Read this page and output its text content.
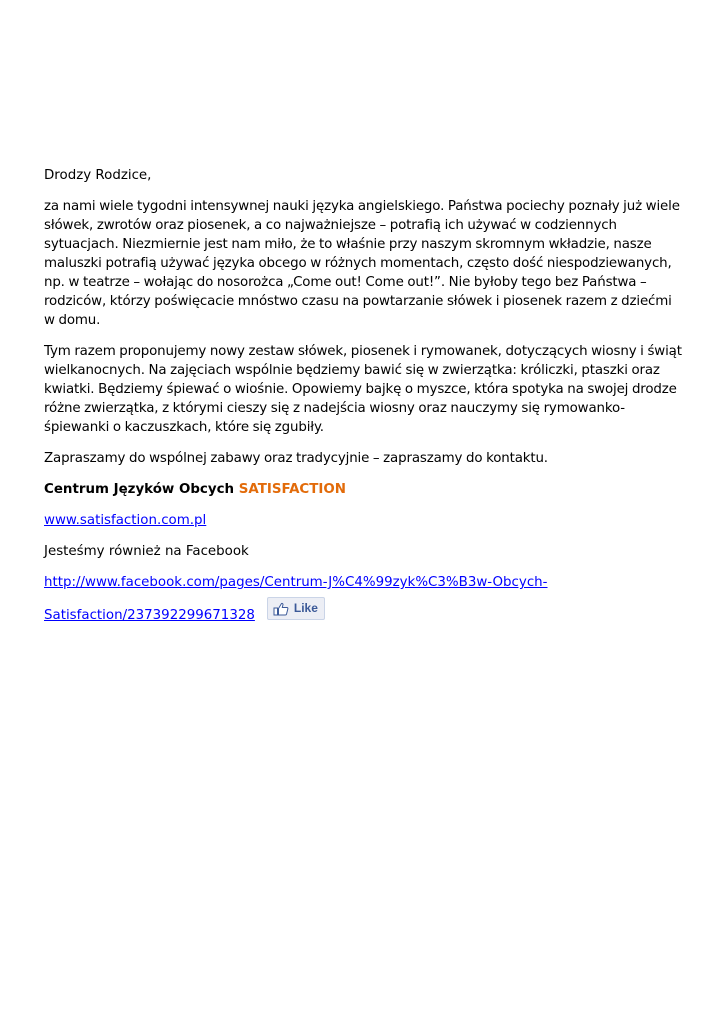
Drodzy Rodzice,

za nami wiele tygodni intensywnej nauki języka angielskiego. Państwa pociechy poznały już wiele słówek, zwrotów oraz piosenek, a co najważniejsze – potrafią ich używać w codziennych sytuacjach. Niezmiernie jest nam miło, że to właśnie przy naszym skromnym wkładzie, nasze maluszki potrafią używać języka obcego w różnych momentach, często dość niespodziewanych, np. w teatrze – wołając do nosorożca „Come out! Come out!”. Nie byłoby tego bez Państwa – rodziców, którzy poświęcacie mnóstwo czasu na powtarzanie słówek i piosenek razem z dziećmi w domu.

Tym razem proponujemy nowy zestaw słówek, piosenek i rymowanek, dotyczących wiosny i świąt wielkanocnych. Na zajęciach wspólnie będziemy bawić się w zwierzątka: króliczki, ptaszki oraz kwiatki. Będziemy śpiewać o wiośnie. Opowiemy bajkę o myszce, która spotyka na swojej drodze różne zwierzątka, z którymi cieszy się z nadejścia wiosny oraz nauczymy się rymowanko-śpiewanki o kaczuszkach, które się zgubiły.

Zapraszamy do wspólnej zabawy oraz tradycyjnie – zapraszamy do kontaktu.

Centrum Języków Obcych SATISFACTION

www.satisfaction.com.pl

Jesteśmy również na Facebook

http://www.facebook.com/pages/Centrum-J%C4%99zyk%C3%B3w-Obcych-
Satisfaction/237392299671328	Like
